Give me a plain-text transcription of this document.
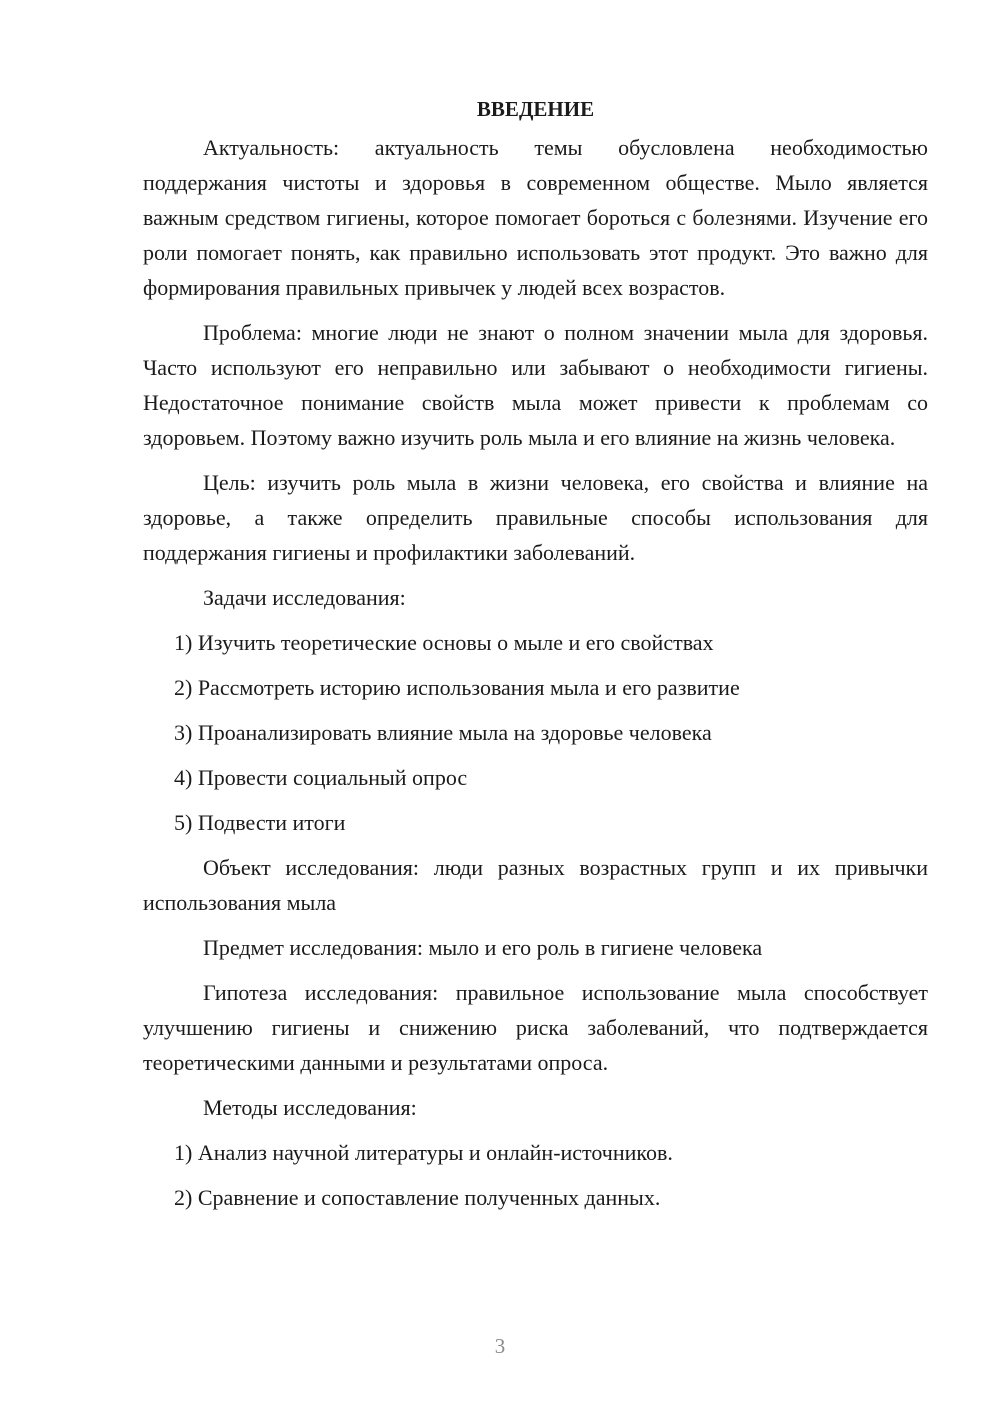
ВВЕДЕНИЕ
Актуальность: актуальность темы обусловлена необходимостью поддержания чистоты и здоровья в современном обществе. Мыло является важным средством гигиены, которое помогает бороться с болезнями. Изучение его роли помогает понять, как правильно использовать этот продукт. Это важно для формирования правильных привычек у людей всех возрастов.
Проблема: многие люди не знают о полном значении мыла для здоровья. Часто используют его неправильно или забывают о необходимости гигиены. Недостаточное понимание свойств мыла может привести к проблемам со здоровьем. Поэтому важно изучить роль мыла и его влияние на жизнь человека.
Цель: изучить роль мыла в жизни человека, его свойства и влияние на здоровье, а также определить правильные способы использования для поддержания гигиены и профилактики заболеваний.
Задачи исследования:
1) Изучить теоретические основы о мыле и его свойствах
2) Рассмотреть историю использования мыла и его развитие
3) Проанализировать влияние мыла на здоровье человека
4) Провести социальный опрос
5) Подвести итоги
Объект исследования: люди разных возрастных групп и их привычки использования мыла
Предмет исследования: мыло и его роль в гигиене человека
Гипотеза исследования: правильное использование мыла способствует улучшению гигиены и снижению риска заболеваний, что подтверждается теоретическими данными и результатами опроса.
Методы исследования:
1) Анализ научной литературы и онлайн-источников.
2) Сравнение и сопоставление полученных данных.
3
